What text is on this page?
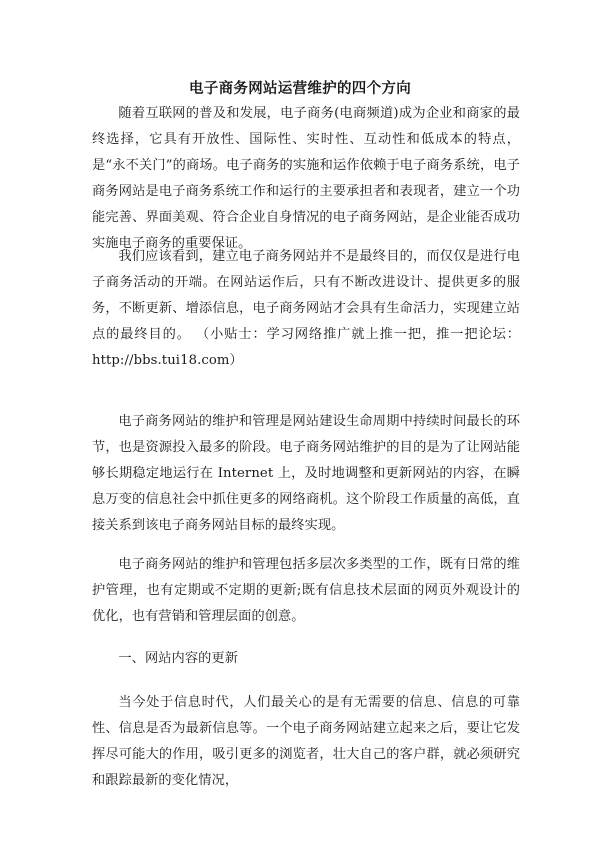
电子商务网站运营维护的四个方向

随着互联网的普及和发展，电子商务(电商频道)成为企业和商家的最终选择，它具有开放性、国际性、实时性、互动性和低成本的特点，是“永不关门”的商场。电子商务的实施和运作依赖于电子商务系统，电子商务网站是电子商务系统工作和运行的主要承担者和表现者，建立一个功能完善、界面美观、符合企业自身情况的电子商务网站，是企业能否成功实施电子商务的重要保证。

我们应该看到，建立电子商务网站并不是最终目的，而仅仅是进行电子商务活动的开端。在网站运作后，只有不断改进设计、提供更多的服务，不断更新、增添信息，电子商务网站才会具有生命活力，实现建立站点的最终目的。 （小贴士：学习网络推广就上推一把，推一把论坛：http://bbs.tui18.com）

电子商务网站的维护和管理是网站建设生命周期中持续时间最长的环节，也是资源投入最多的阶段。电子商务网站维护的目的是为了让网站能够长期稳定地运行在 Internet 上，及时地调整和更新网站的内容，在瞬息万变的信息社会中抓住更多的网络商机。这个阶段工作质量的高低，直接关系到该电子商务网站目标的最终实现。

电子商务网站的维护和管理包括多层次多类型的工作，既有日常的维护管理，也有定期或不定期的更新;既有信息技术层面的网页外观设计的优化，也有营销和管理层面的创意。

一、网站内容的更新

当今处于信息时代，人们最关心的是有无需要的信息、信息的可靠性、信息是否为最新信息等。一个电子商务网站建立起来之后，要让它发挥尽可能大的作用，吸引更多的浏览者，壮大自己的客户群，就必须研究和跟踪最新的变化情况，
